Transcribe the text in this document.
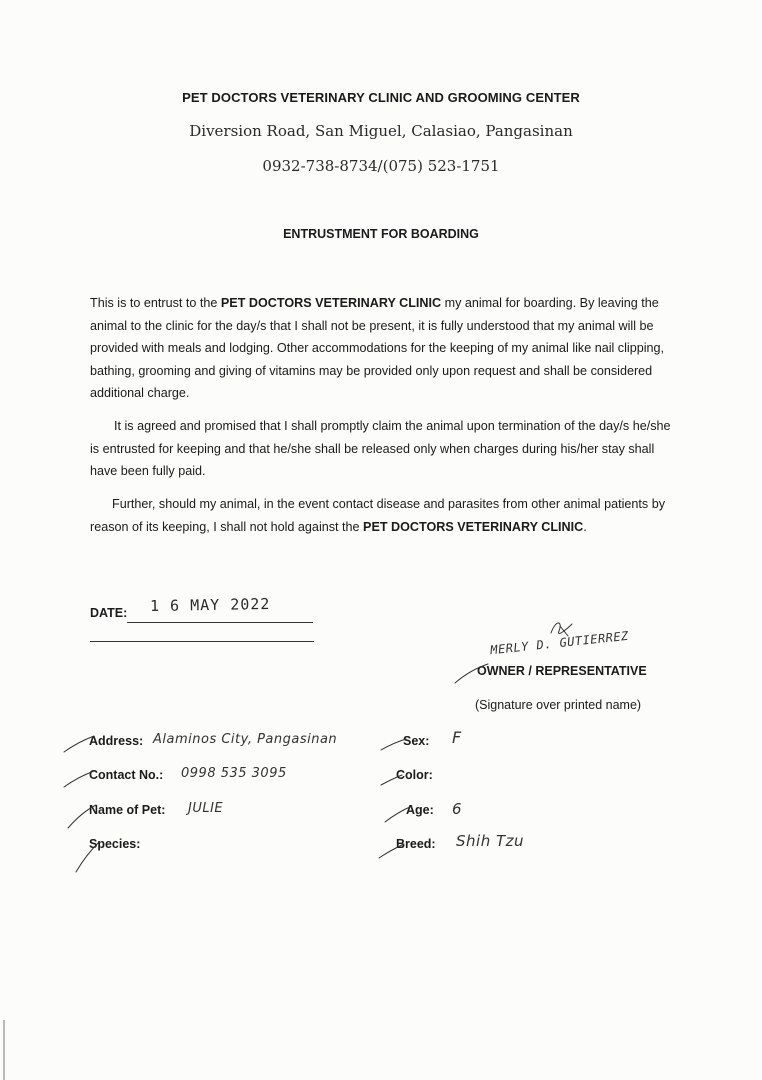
PET DOCTORS VETERINARY CLINIC AND GROOMING CENTER
Diversion Road, San Miguel, Calasiao, Pangasinan
0932-738-8734/(075) 523-1751
ENTRUSTMENT FOR BOARDING

This is to entrust to the PET DOCTORS VETERINARY CLINIC my animal for boarding. By leaving the animal to the clinic for the day/s that I shall not be present, it is fully understood that my animal will be provided with meals and lodging. Other accommodations for the keeping of my animal like nail clipping, bathing, grooming and giving of vitamins may be provided only upon request and shall be considered additional charge.

It is agreed and promised that I shall promptly claim the animal upon termination of the day/s he/she is entrusted for keeping and that he/she shall be released only when charges during his/her stay shall have been fully paid.

Further, should my animal, in the event contact disease and parasites from other animal patients by reason of its keeping, I shall not hold against the PET DOCTORS VETERINARY CLINIC.

DATE: 1 6 MAY 2022
MERLY D. GUTIERREZ
OWNER / REPRESENTATIVE
(Signature over printed name)
Address: Alaminos City, Pangasinan
Contact No.: 0998 535 3095
Name of Pet: JULIE
Species:
Sex: F
Color:
Age: 6
Breed: Shih Tzu
